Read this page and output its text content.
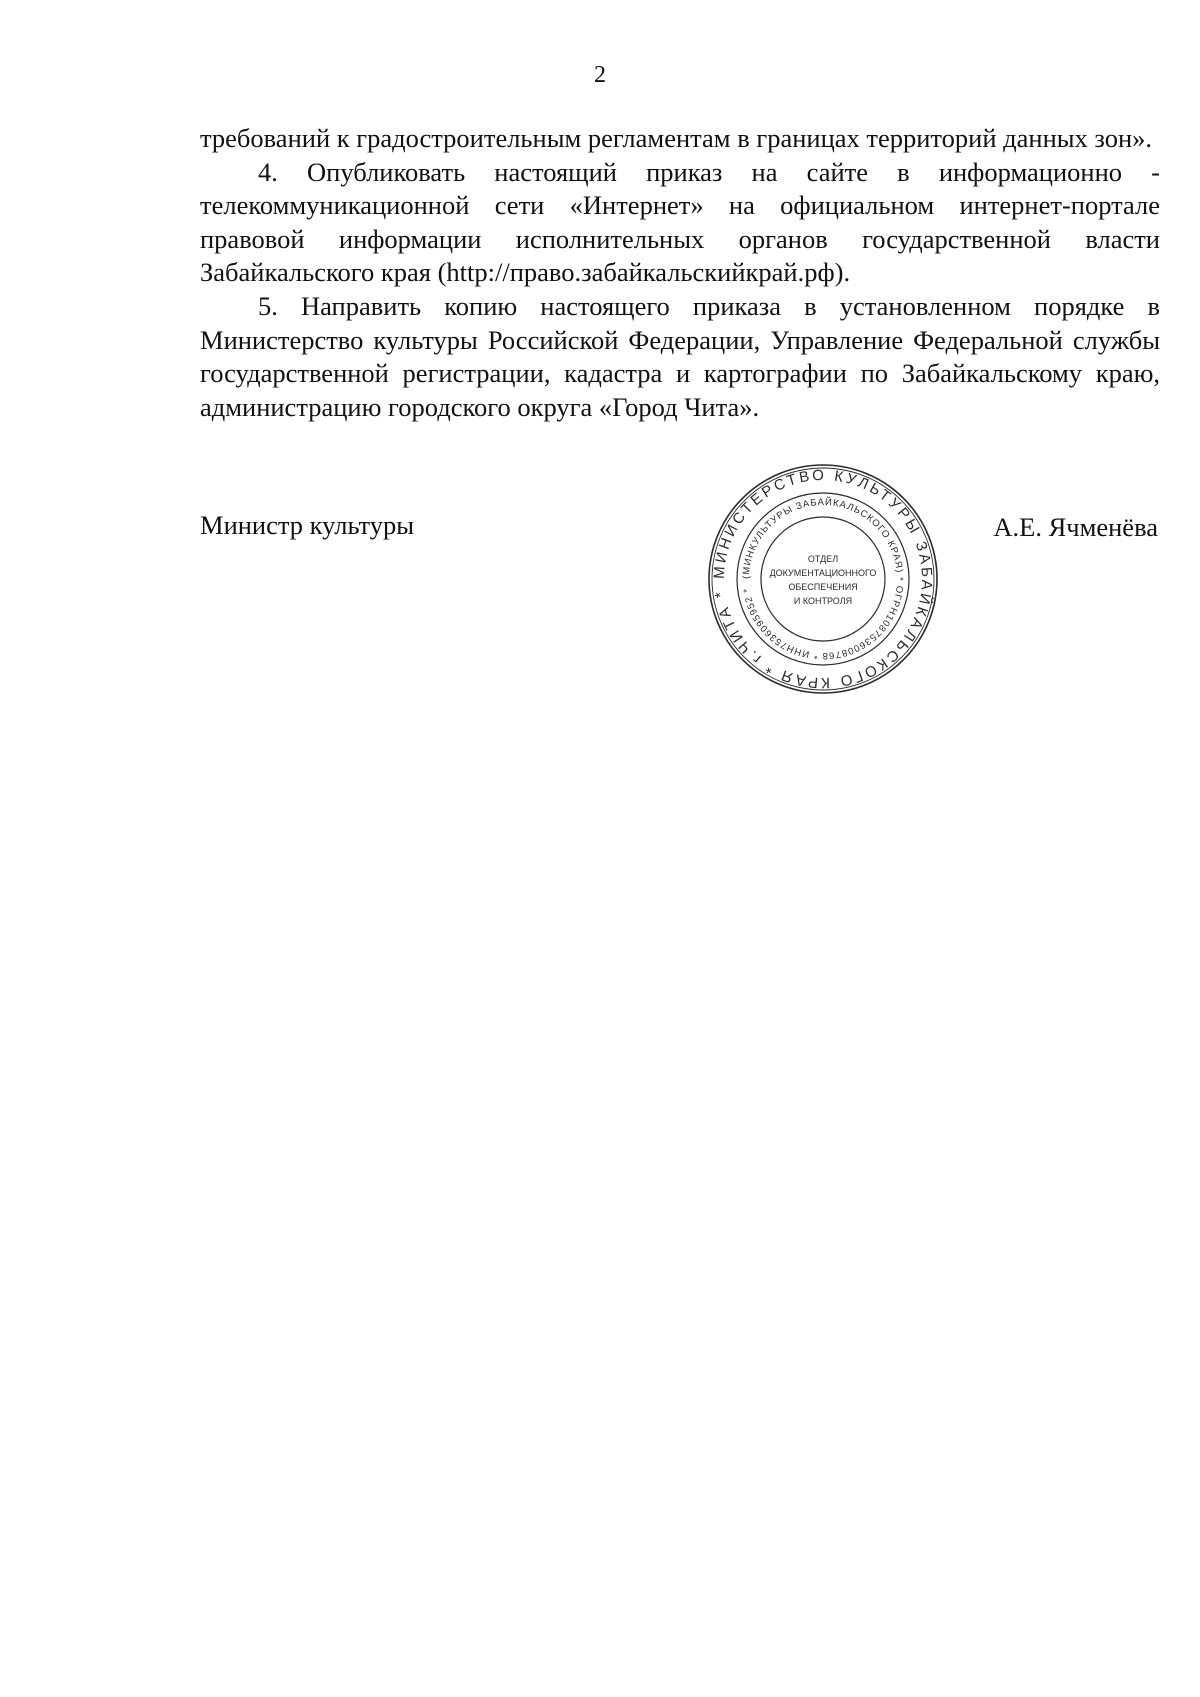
2

требований к градостроительным регламентам в границах территорий данных зон».

4. Опубликовать настоящий приказ на сайте в информационно - телекоммуникационной сети «Интернет» на официальном интернет-портале правовой информации исполнительных органов государственной власти Забайкальского края (http://право.забайкальскийкрай.рф).

5. Направить копию настоящего приказа в установленном порядке в Министерство культуры Российской Федерации, Управление Федеральной службы государственной регистрации, кадастра и картографии по Забайкальскому краю, администрацию городского округа «Город Чита».

Министр культуры	А.Е. Ячменёва
МИНИСТЕРСТВО КУЛЬТУРЫ ЗАБАЙКАЛЬСКОГО КРАЯ * г.ЧИТА *
(МИНКУЛЬТУРЫ ЗАБАЙКАЛЬСКОГО КРАЯ) * ОГРН1087536008768 * ИНН7536095952 *
ОТДЕЛ
ДОКУМЕНТАЦИОННОГО
ОБЕСПЕЧЕНИЯ
И КОНТРОЛЯ
